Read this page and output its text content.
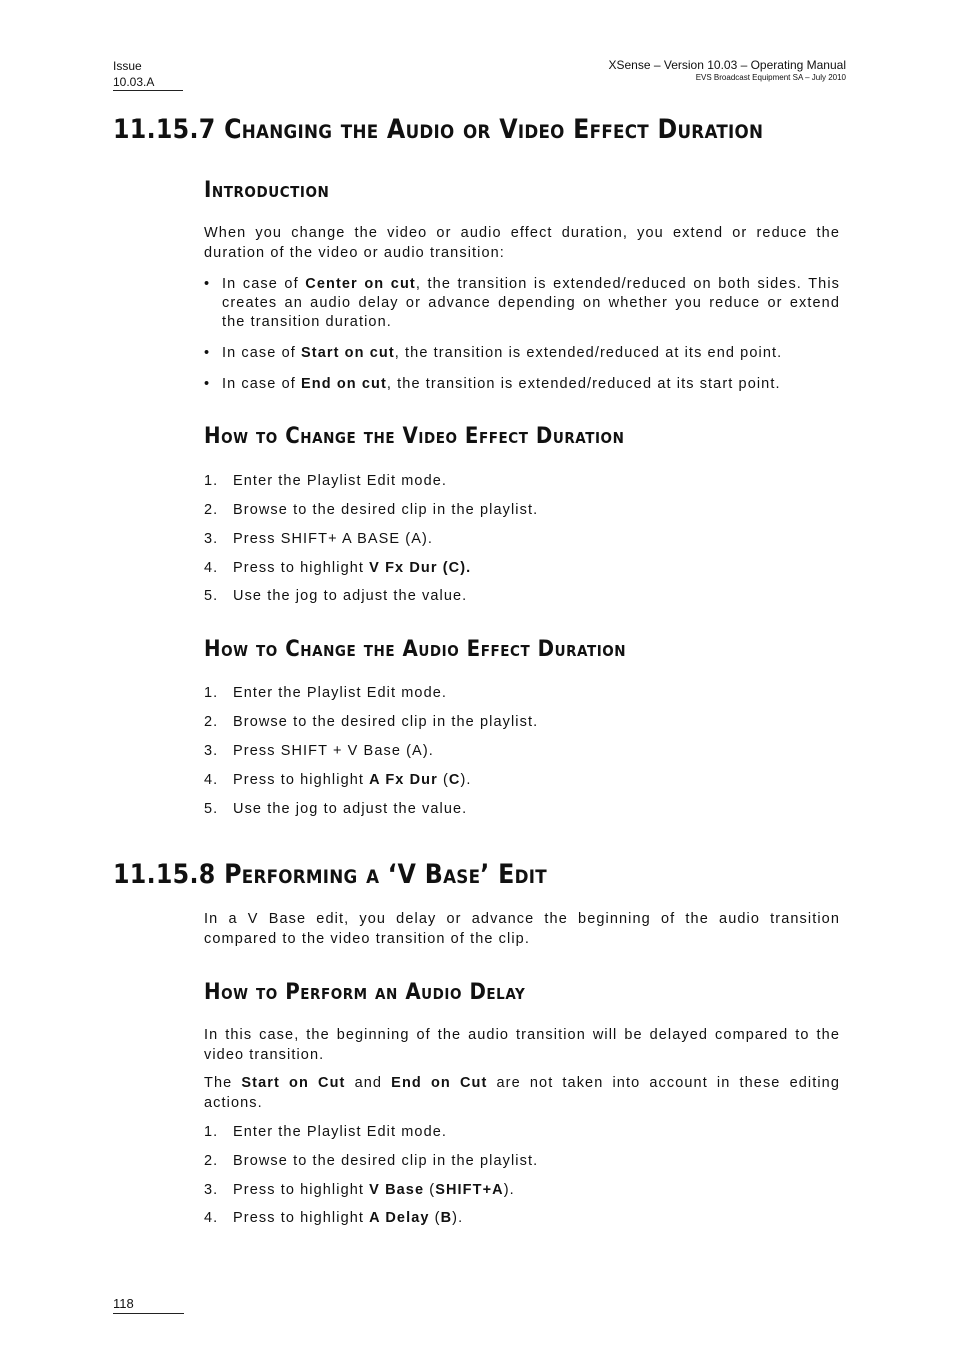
Issue
10.03.A
XSense – Version 10.03 – Operating Manual
EVS Broadcast Equipment SA – July 2010
11.15.7 Changing the Audio or Video Effect Duration
Introduction
When you change the video or audio effect duration, you extend or reduce the duration of the video or audio transition:
• In case of Center on cut, the transition is extended/reduced on both sides. This creates an audio delay or advance depending on whether you reduce or extend the transition duration.
• In case of Start on cut, the transition is extended/reduced at its end point.
• In case of End on cut, the transition is extended/reduced at its start point.
How to Change the Video Effect Duration
1. Enter the Playlist Edit mode.
2. Browse to the desired clip in the playlist.
3. Press SHIFT+ A BASE (A).
4. Press to highlight V Fx Dur (C).
5. Use the jog to adjust the value.
How to Change the Audio Effect Duration
1. Enter the Playlist Edit mode.
2. Browse to the desired clip in the playlist.
3. Press SHIFT + V Base (A).
4. Press to highlight A Fx Dur (C).
5. Use the jog to adjust the value.
11.15.8 Performing a ‘V Base’ Edit
In a V Base edit, you delay or advance the beginning of the audio transition compared to the video transition of the clip.
How to Perform an Audio Delay
In this case, the beginning of the audio transition will be delayed compared to the video transition.
The Start on Cut and End on Cut are not taken into account in these editing actions.
1. Enter the Playlist Edit mode.
2. Browse to the desired clip in the playlist.
3. Press to highlight V Base (SHIFT+A).
4. Press to highlight A Delay (B).
118
